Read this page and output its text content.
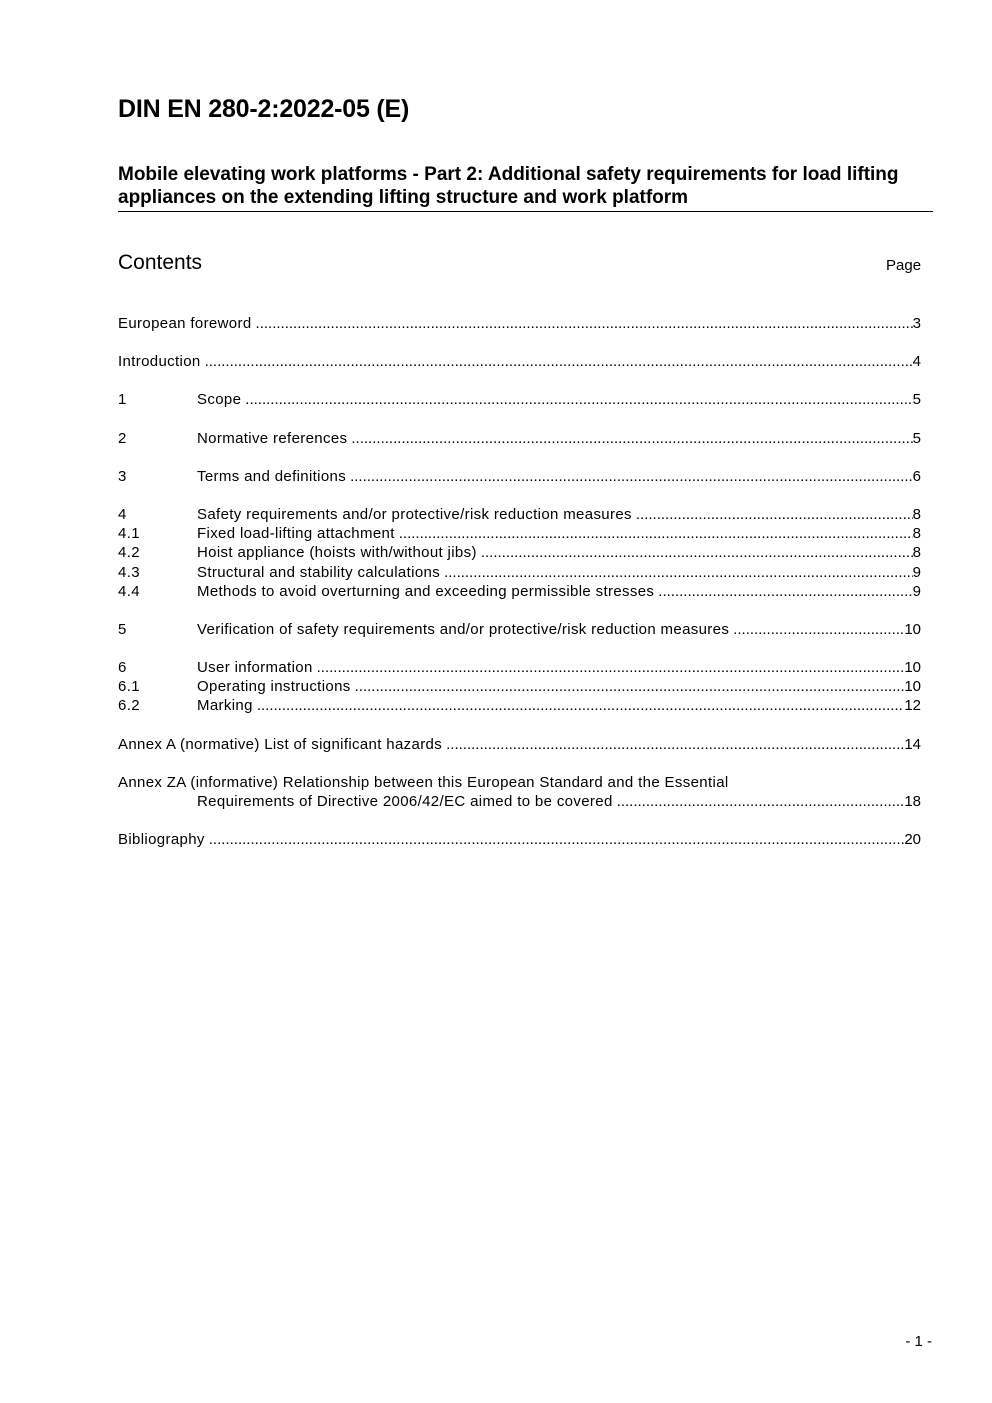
DIN EN 280-2:2022-05 (E)
Mobile elevating work platforms - Part 2: Additional safety requirements for load lifting appliances on the extending lifting structure and work platform
Contents	Page
European foreword .....	3
Introduction .....	4
1	Scope .....	5
2	Normative references .....	5
3	Terms and definitions .....	6
4	Safety requirements and/or protective/risk reduction measures .....	8
4.1	Fixed load-lifting attachment .....	8
4.2	Hoist appliance (hoists with/without jibs) .....	8
4.3	Structural and stability calculations .....	9
4.4	Methods to avoid overturning and exceeding permissible stresses .....	9
5	Verification of safety requirements and/or protective/risk reduction measures .....	10
6	User information .....	10
6.1	Operating instructions .....	10
6.2	Marking .....	12
Annex A (normative) List of significant hazards .....	14
Annex ZA (informative) Relationship between this European Standard and the Essential
Requirements of Directive 2006/42/EC aimed to be covered .....	18
Bibliography .....	20
- 1 -
